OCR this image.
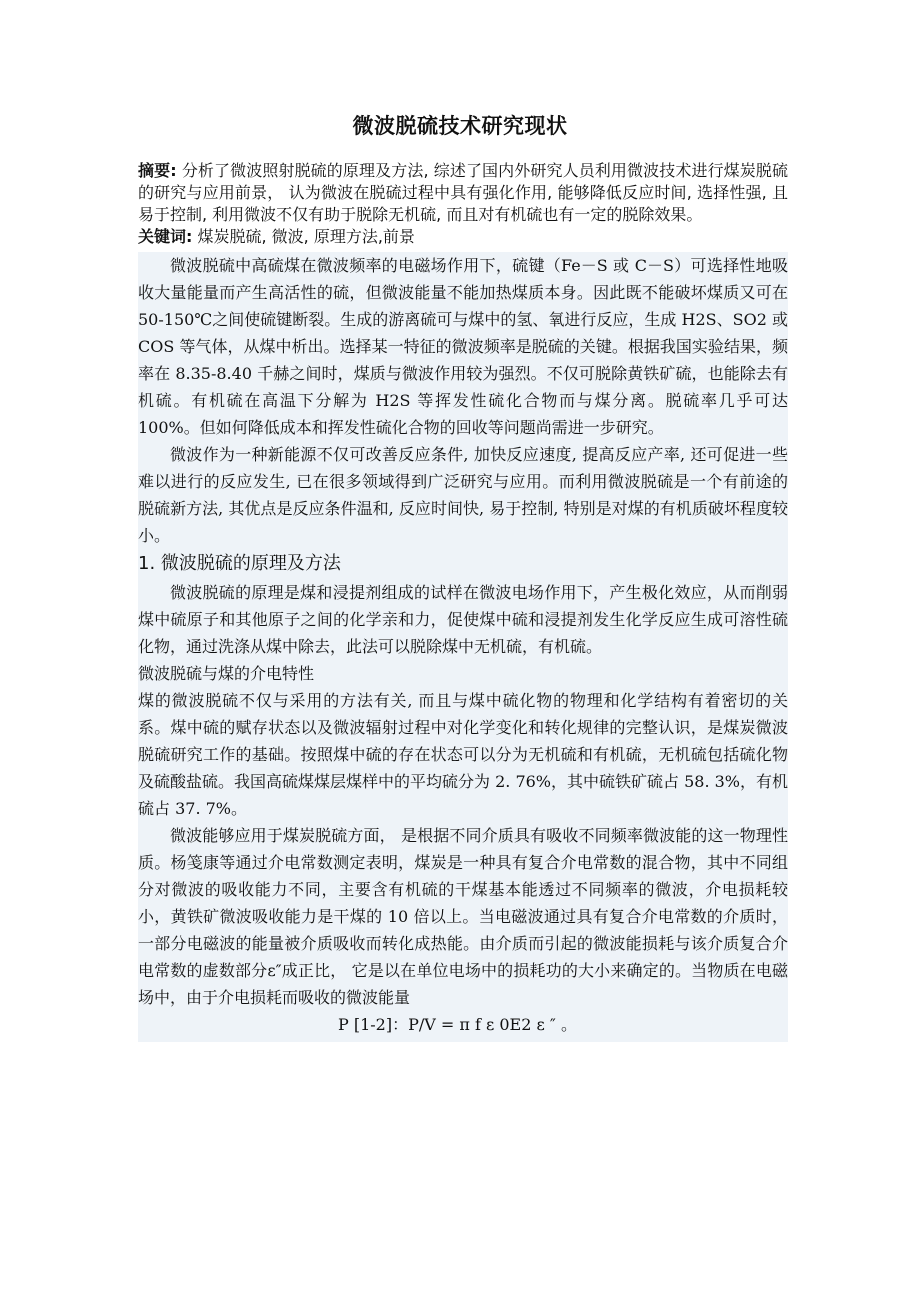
微波脱硫技术研究现状

摘要: 分析了微波照射脱硫的原理及方法, 综述了国内外研究人员利用微波技术进行煤炭脱硫的研究与应用前景， 认为微波在脱硫过程中具有强化作用, 能够降低反应时间, 选择性强, 且易于控制, 利用微波不仅有助于脱除无机硫, 而且对有机硫也有一定的脱除效果。

关键词: 煤炭脱硫, 微波, 原理方法,前景

微波脱硫中高硫煤在微波频率的电磁场作用下，硫键（Fe－S 或 C－S）可选择性地吸收大量能量而产生高活性的硫，但微波能量不能加热煤质本身。因此既不能破坏煤质又可在 50-150℃之间使硫键断裂。生成的游离硫可与煤中的氢、氧进行反应，生成 H2S、SO2 或 COS 等气体，从煤中析出。选择某一特征的微波频率是脱硫的关键。根据我国实验结果，频率在 8.35-8.40 千赫之间时，煤质与微波作用较为强烈。不仅可脱除黄铁矿硫，也能除去有机硫。有机硫在高温下分解为 H2S 等挥发性硫化合物而与煤分离。脱硫率几乎可达 100%。但如何降低成本和挥发性硫化合物的回收等问题尚需进一步研究。

微波作为一种新能源不仅可改善反应条件, 加快反应速度, 提高反应产率, 还可促进一些难以进行的反应发生, 已在很多领域得到广泛研究与应用。而利用微波脱硫是一个有前途的脱硫新方法, 其优点是反应条件温和, 反应时间快, 易于控制, 特别是对煤的有机质破坏程度较小。

1. 微波脱硫的原理及方法

微波脱硫的原理是煤和浸提剂组成的试样在微波电场作用下，产生极化效应，从而削弱煤中硫原子和其他原子之间的化学亲和力，促使煤中硫和浸提剂发生化学反应生成可溶性硫化物，通过洗涤从煤中除去，此法可以脱除煤中无机硫，有机硫。

微波脱硫与煤的介电特性

煤的微波脱硫不仅与采用的方法有关, 而且与煤中硫化物的物理和化学结构有着密切的关系。煤中硫的赋存状态以及微波辐射过程中对化学变化和转化规律的完整认识，是煤炭微波脱硫研究工作的基础。按照煤中硫的存在状态可以分为无机硫和有机硫，无机硫包括硫化物及硫酸盐硫。我国高硫煤煤层煤样中的平均硫分为 2. 76%，其中硫铁矿硫占 58. 3%，有机硫占 37. 7%。

微波能够应用于煤炭脱硫方面， 是根据不同介质具有吸收不同频率微波能的这一物理性质。杨笺康等通过介电常数测定表明，煤炭是一种具有复合介电常数的混合物，其中不同组分对微波的吸收能力不同，主要含有机硫的干煤基本能透过不同频率的微波，介电损耗较小，黄铁矿微波吸收能力是干煤的 10 倍以上。当电磁波通过具有复合介电常数的介质时， 一部分电磁波的能量被介质吸收而转化成热能。由介质而引起的微波能损耗与该介质复合介电常数的虚数部分ε″成正比， 它是以在单位电场中的损耗功的大小来确定的。当物质在电磁场中，由于介电损耗而吸收的微波能量

P [1-2]：P/V = π f ε 0E2 ε ″ 。
